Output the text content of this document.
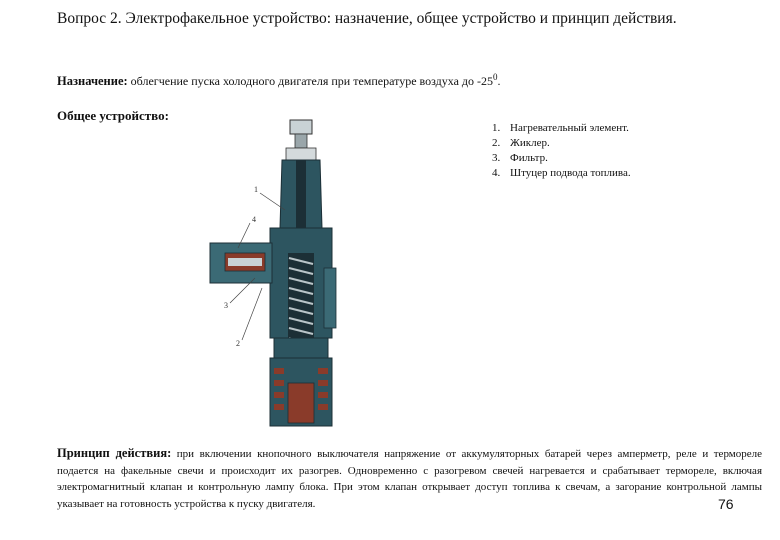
Вопрос 2. Электрофакельное устройство: назначение, общее устройство и принцип действия.
Назначение: облегчение пуска холодного двигателя при температуре воздуха до $-25^0$.
Общее устройство:
1. Нагревательный элемент.
2. Жиклер.
3. Фильтр.
4. Штуцер подвода топлива.
1
4
3
2
Принцип действия: при включении кнопочного выключателя напряжение от аккумуляторных батарей через амперметр, реле и терморелe подается на факельные свечи и происходит их разогрев. Одновременно с разогревом свечей нагревается и срабатывает терморелe, включая электромагнитный клапан и контрольную лампу блока. При этом клапан открывает доступ топлива к свечам, а загорание контрольной лампы указывает на готовность устройства к пуску двигателя.	76
